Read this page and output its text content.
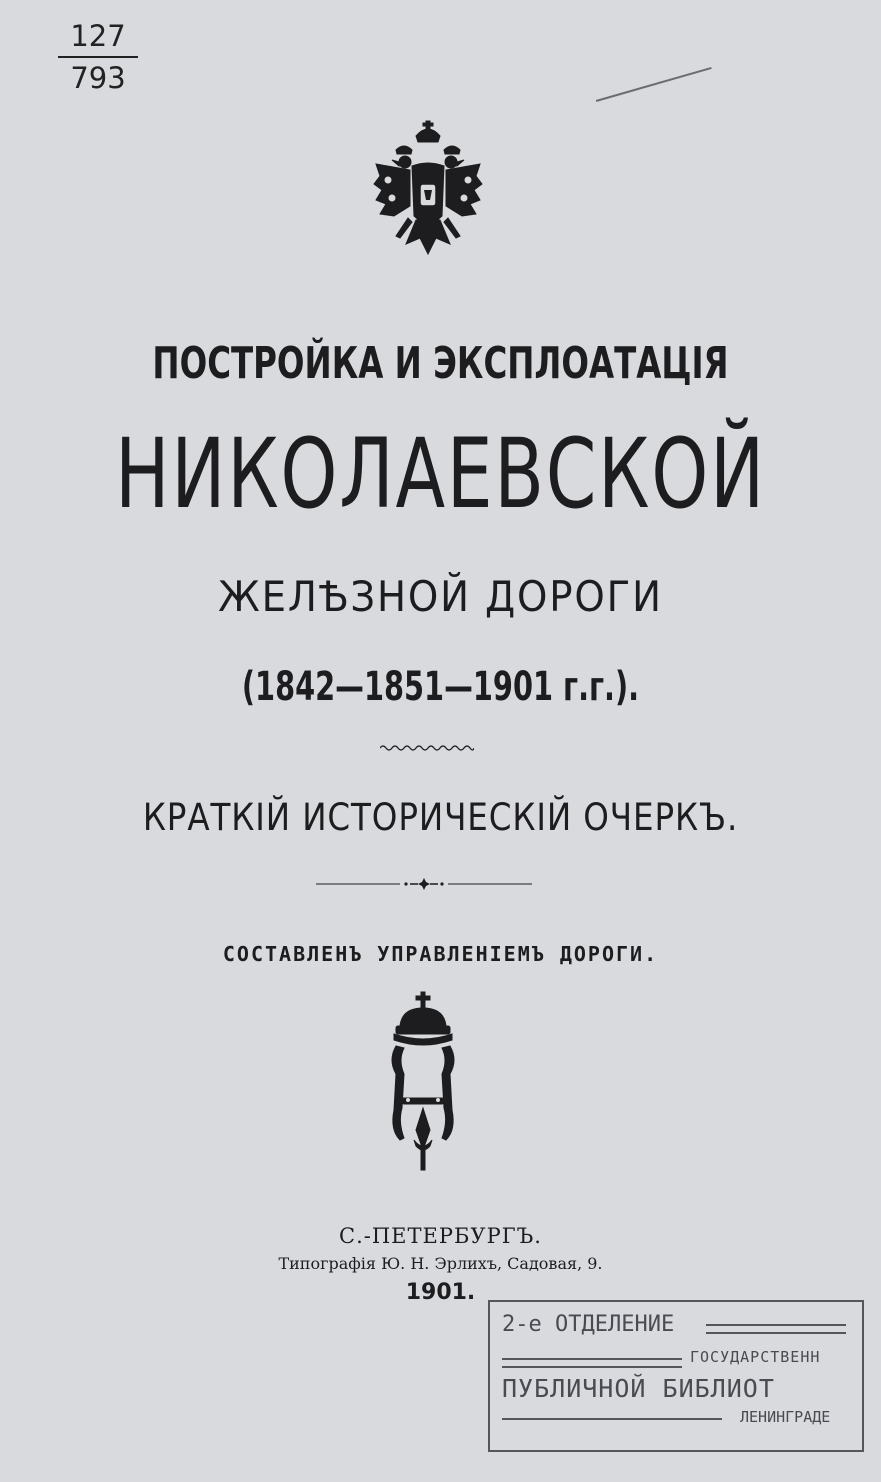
127
793
ПОСТРОЙКА И ЭКСПЛОАТАЦІЯ
НИКОЛАЕВСКОЙ
ЖЕЛѢЗНОЙ ДОРОГИ
(1842—1851—1901 г.г.).
КРАТКІЙ ИСТОРИЧЕСКІЙ ОЧЕРКЪ.
СОСТАВЛЕНЪ УПРАВЛЕНІЕМЪ ДОРОГИ.
С.-ПЕТЕРБУРГЪ.
Типографія Ю. Н. Эрлихъ, Садовая, 9.
1901.
2-е ОТДЕЛЕНИЕ
ГОСУДАРСТВЕНН
ПУБЛИЧНОЙ БИБЛИОТ
ЛЕНИНГРАДЕ
